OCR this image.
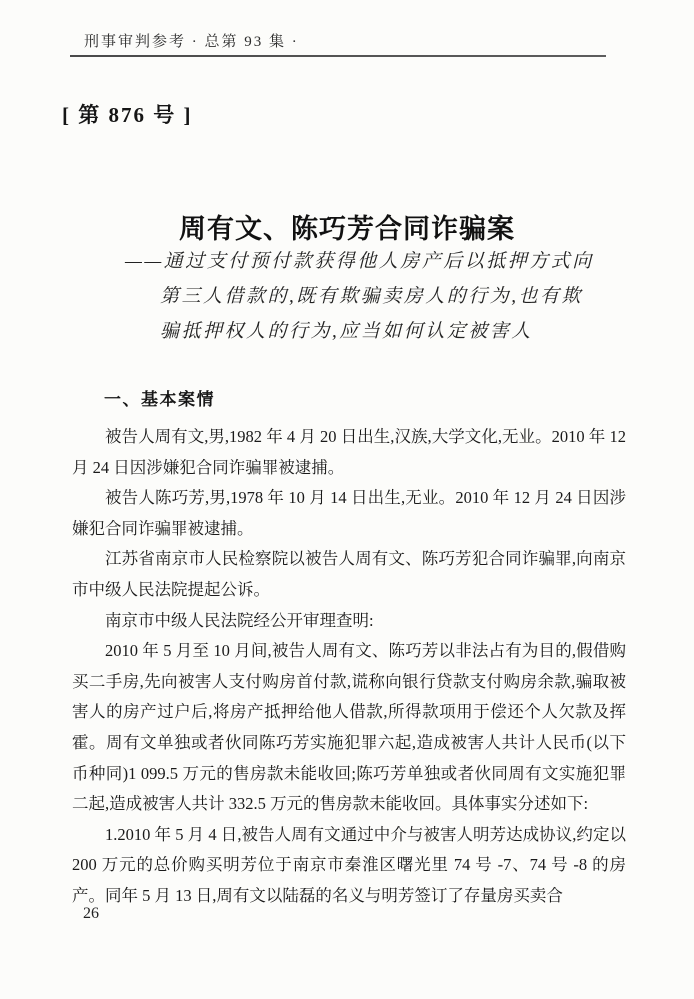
刑事审判参考 · 总第 93 集 ·
[ 第 876 号 ]
周有文、陈巧芳合同诈骗案
——通过支付预付款获得他人房产后以抵押方式向
第三人借款的,既有欺骗卖房人的行为,也有欺
骗抵押权人的行为,应当如何认定被害人
一、基本案情

被告人周有文,男,1982 年 4 月 20 日出生,汉族,大学文化,无业。2010 年 12 月 24 日因涉嫌犯合同诈骗罪被逮捕。

被告人陈巧芳,男,1978 年 10 月 14 日出生,无业。2010 年 12 月 24 日因涉嫌犯合同诈骗罪被逮捕。

江苏省南京市人民检察院以被告人周有文、陈巧芳犯合同诈骗罪,向南京市中级人民法院提起公诉。

南京市中级人民法院经公开审理查明:

2010 年 5 月至 10 月间,被告人周有文、陈巧芳以非法占有为目的,假借购买二手房,先向被害人支付购房首付款,谎称向银行贷款支付购房余款,骗取被害人的房产过户后,将房产抵押给他人借款,所得款项用于偿还个人欠款及挥霍。周有文单独或者伙同陈巧芳实施犯罪六起,造成被害人共计人民币(以下币种同)1 099.5 万元的售房款未能收回;陈巧芳单独或者伙同周有文实施犯罪二起,造成被害人共计 332.5 万元的售房款未能收回。具体事实分述如下:

1.2010 年 5 月 4 日,被告人周有文通过中介与被害人明芳达成协议,约定以 200 万元的总价购买明芳位于南京市秦淮区曙光里 74 号 -7、74 号 -8 的房产。同年 5 月 13 日,周有文以陆磊的名义与明芳签订了存量房买卖合

26
